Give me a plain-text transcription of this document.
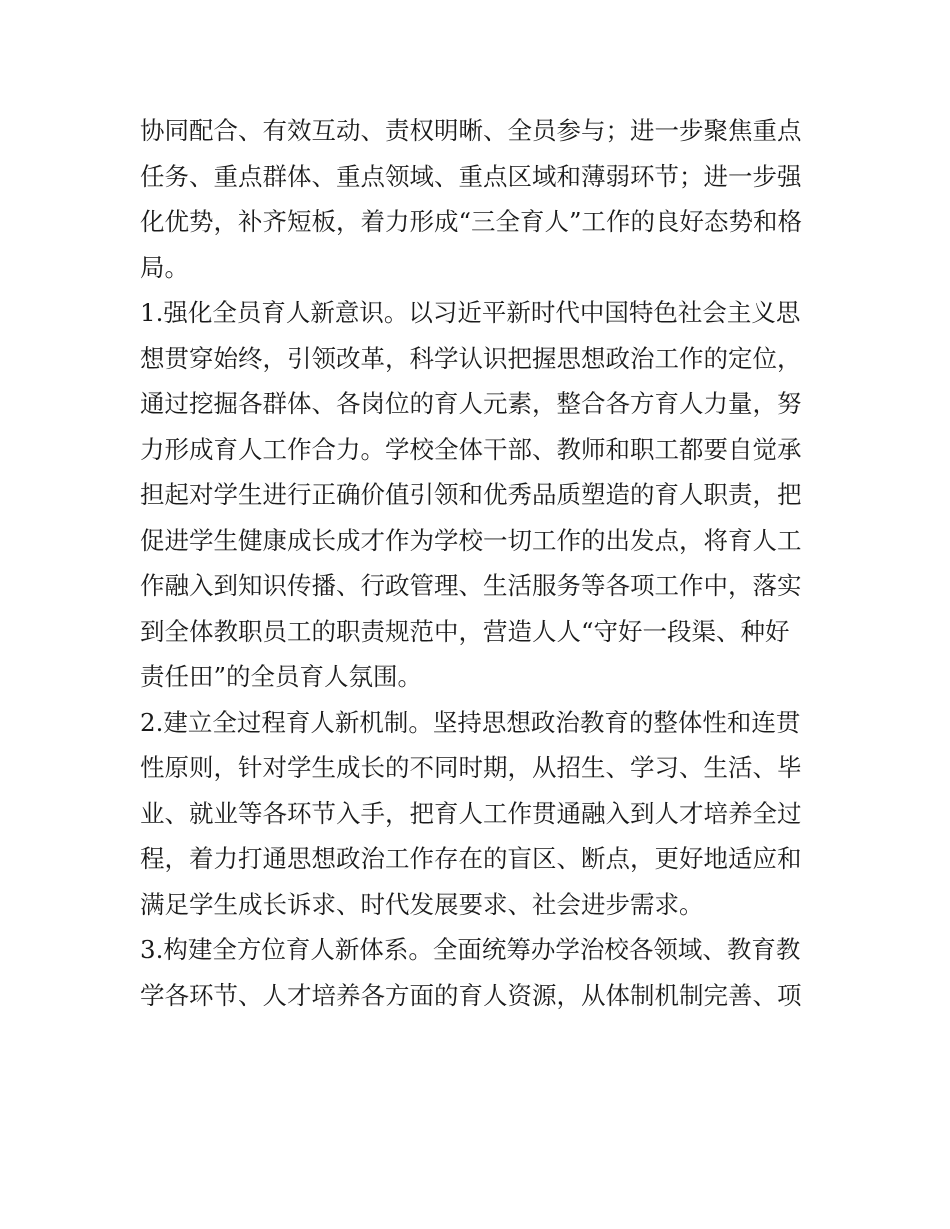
协同配合、有效互动、责权明晰、全员参与；进一步聚焦重点
任务、重点群体、重点领域、重点区域和薄弱环节；进一步强
化优势，补齐短板，着力形成“三全育人”工作的良好态势和格
局。
1.强化全员育人新意识。以习近平新时代中国特色社会主义思
想贯穿始终，引领改革，科学认识把握思想政治工作的定位，
通过挖掘各群体、各岗位的育人元素，整合各方育人力量，努
力形成育人工作合力。学校全体干部、教师和职工都要自觉承
担起对学生进行正确价值引领和优秀品质塑造的育人职责，把
促进学生健康成长成才作为学校一切工作的出发点，将育人工
作融入到知识传播、行政管理、生活服务等各项工作中，落实
到全体教职员工的职责规范中，营造人人“守好一段渠、种好
责任田”的全员育人氛围。
2.建立全过程育人新机制。坚持思想政治教育的整体性和连贯
性原则，针对学生成长的不同时期，从招生、学习、生活、毕
业、就业等各环节入手，把育人工作贯通融入到人才培养全过
程，着力打通思想政治工作存在的盲区、断点，更好地适应和
满足学生成长诉求、时代发展要求、社会进步需求。
3.构建全方位育人新体系。全面统筹办学治校各领域、教育教
学各环节、人才培养各方面的育人资源，从体制机制完善、项
